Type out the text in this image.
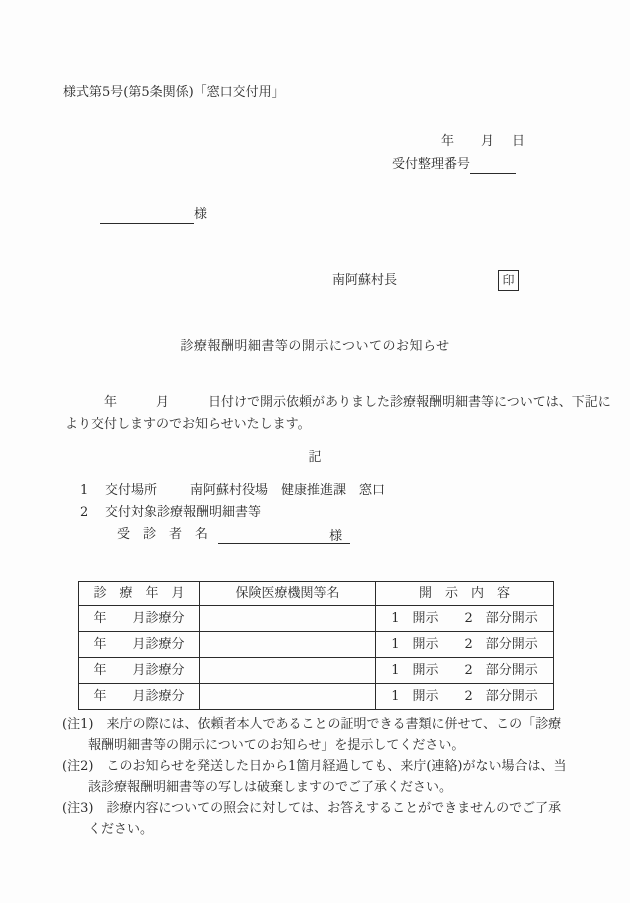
様式第5号(第5条関係)「窓口交付用」
年 月 日
受付整理番号
様
南阿蘇村長	印
診療報酬明細書等の開示についてのお知らせ
　　　年　　　月　　　日付けで開示依頼がありました診療報酬明細書等については、下記に
より交付しますのでお知らせいたします。
記
1 交付場所	南阿蘇村役場　健康推進課　窓口
2 交付対象診療報酬明細書等
受　診　者　名	様
診　療　年　月	保険医療機関等名	開　示　内　容
年　　月診療分		1　開示　　2　部分開示
年　　月診療分		1　開示　　2　部分開示
年　　月診療分		1　開示　　2　部分開示
年　　月診療分		1　開示　　2　部分開示
(注1)　 来庁の際には、依頼者本人であることの証明できる書類に併せて、この「診療報酬明細書等の開示についてのお知らせ」を提示してください。
(注2)　 このお知らせを発送した日から1箇月経過しても、来庁(連絡)がない場合は、当該診療報酬明細書等の写しは破棄しますのでご了承ください。
(注3)　 診療内容についての照会に対しては、お答えすることができませんのでご了承ください。
